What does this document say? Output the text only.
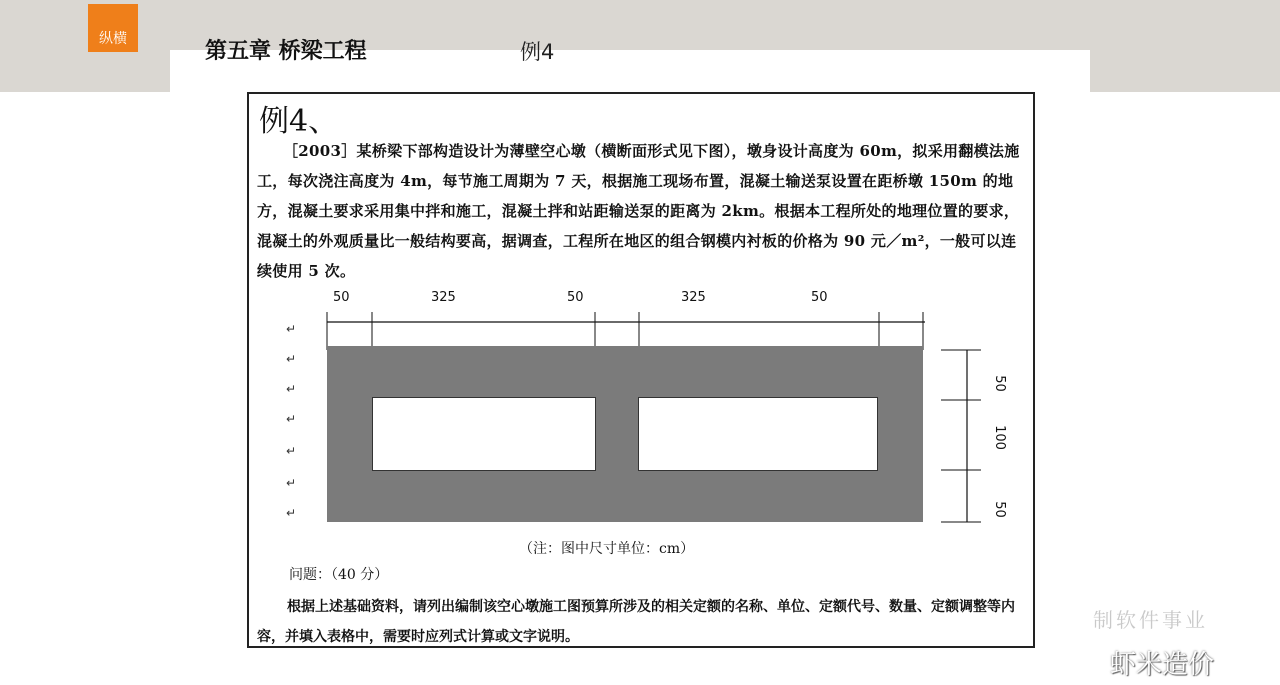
纵横	第五章 桥梁工程	例4
例4、
［2003］某桥梁下部构造设计为薄壁空心墩（横断面形式见下图），墩身设计高度为 60m，拟采用翻模法施工，每次浇注高度为 4m，每节施工周期为 7 天，根据施工现场布置，混凝土输送泵设置在距桥墩 150m 的地方，混凝土要求采用集中拌和施工，混凝土拌和站距输送泵的距离为 2km。根据本工程所处的地理位置的要求，混凝土的外观质量比一般结构要高，据调查，工程所在地区的组合钢模内衬板的价格为 90 元／m²，一般可以连续使用 5 次。
50	325	50	325	50
↵
↵
↵
↵
↵
↵
↵
50
100
50
（注：图中尺寸单位：cm）
问题：（40 分）
根据上述基础资料，请列出编制该空心墩施工图预算所涉及的相关定额的名称、单位、定额代号、数量、定额调整等内容，并填入表格中，需要时应列式计算或文字说明。
制软件事业
虾米造价
